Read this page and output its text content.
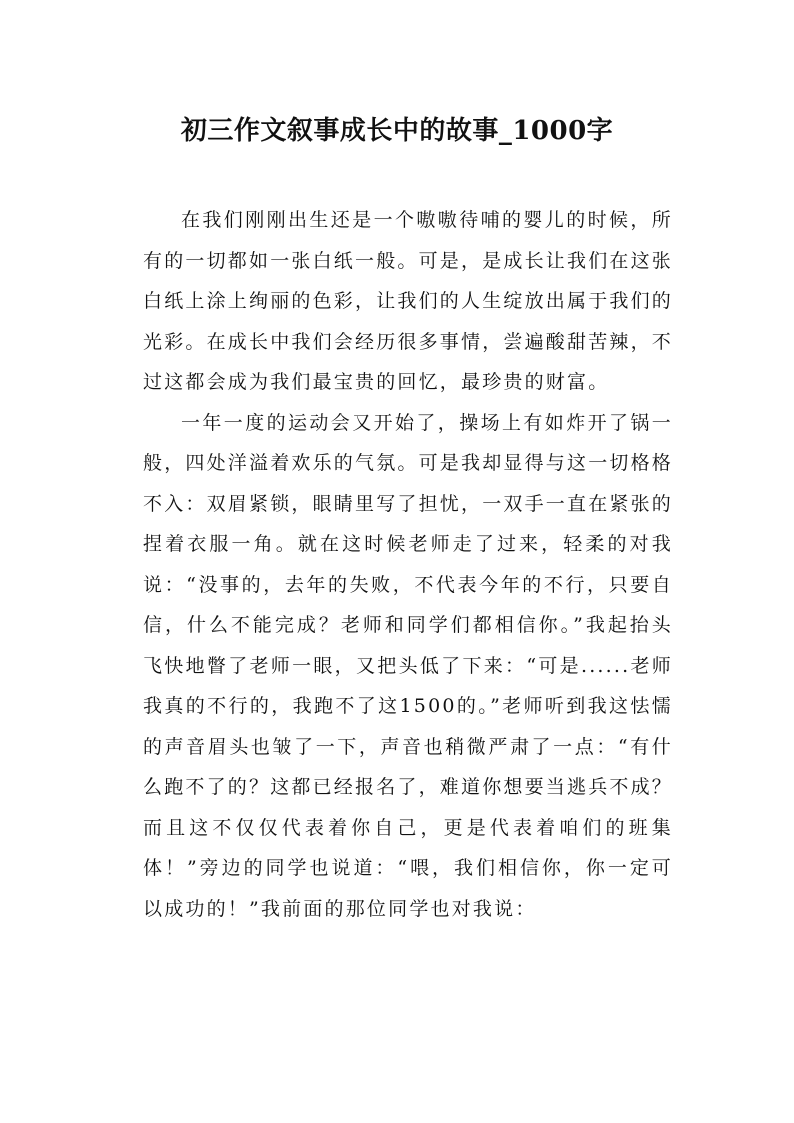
初三作文叙事成长中的故事_1000字

在我们刚刚出生还是一个嗷嗷待哺的婴儿的时候，所有的一切都如一张白纸一般。可是，是成长让我们在这张白纸上涂上绚丽的色彩，让我们的人生绽放出属于我们的光彩。在成长中我们会经历很多事情，尝遍酸甜苦辣，不过这都会成为我们最宝贵的回忆，最珍贵的财富。

一年一度的运动会又开始了，操场上有如炸开了锅一般，四处洋溢着欢乐的气氛。可是我却显得与这一切格格不入：双眉紧锁，眼睛里写了担忧，一双手一直在紧张的捏着衣服一角。就在这时候老师走了过来，轻柔的对我说：“没事的，去年的失败，不代表今年的不行，只要自信，什么不能完成？老师和同学们都相信你。”我起抬头飞快地瞥了老师一眼，又把头低了下来：“可是......老师我真的不行的，我跑不了这1500的。”老师听到我这怯懦的声音眉头也皱了一下，声音也稍微严肃了一点：“有什么跑不了的？这都已经报名了，难道你想要当逃兵不成？而且这不仅仅代表着你自己，更是代表着咱们的班集体！”旁边的同学也说道：“喂，我们相信你，你一定可以成功的！”我前面的那位同学也对我说：
